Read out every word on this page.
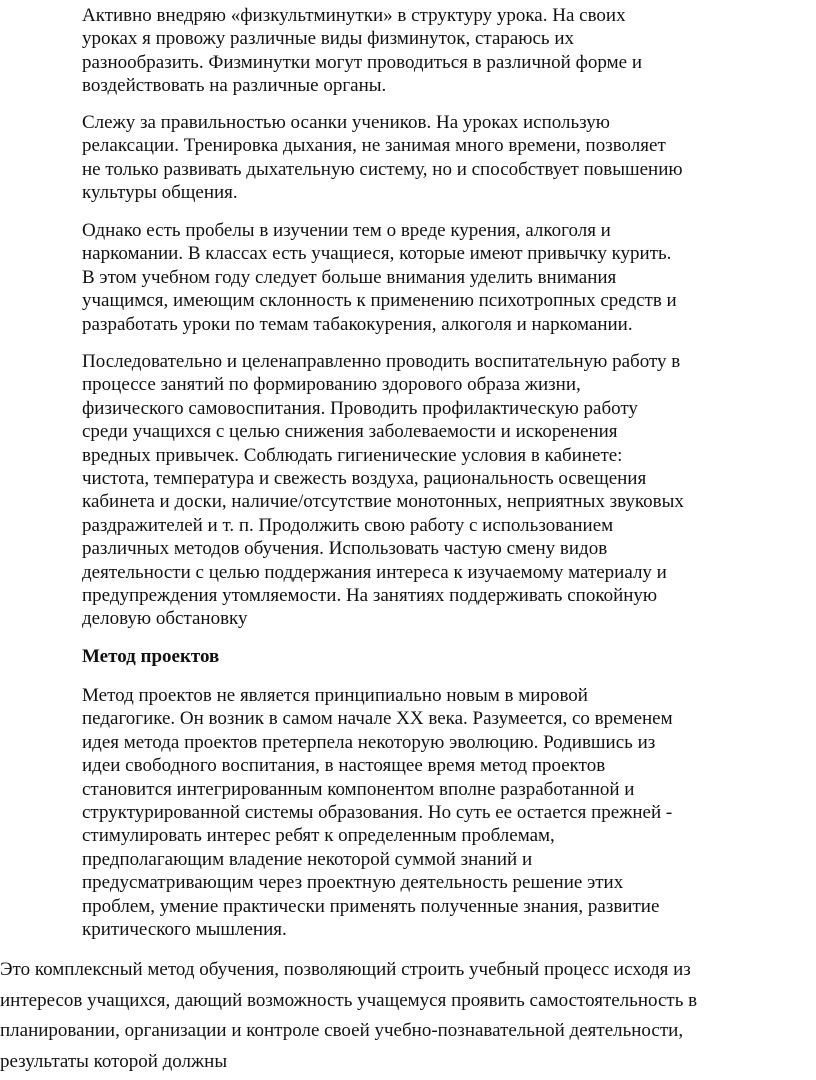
Активно внедряю «физкультминутки» в структуру урока. На своих
уроках я провожу различные виды физминуток, стараюсь их
разнообразить. Физминутки могут проводиться в различной форме и
воздействовать на различные органы.

Слежу за правильностью осанки учеников. На уроках использую
релаксации. Тренировка дыхания, не занимая много времени, позволяет
не только развивать дыхательную систему, но и способствует повышению
культуры общения.

Однако есть пробелы в изучении тем о вреде курения, алкоголя и
наркомании. В классах есть учащиеся, которые имеют привычку курить.
В этом учебном году следует больше внимания уделить внимания
учащимся, имеющим склонность к применению психотропных средств и
разработать уроки по темам табакокурения, алкоголя и наркомании.

Последовательно и целенаправленно проводить воспитательную работу в
процессе занятий по формированию здорового образа жизни,
физического самовоспитания. Проводить профилактическую работу
среди учащихся с целью снижения заболеваемости и искоренения
вредных привычек. Соблюдать гигиенические условия в кабинете:
чистота, температура и свежесть воздуха, рациональность освещения
кабинета и доски, наличие/отсутствие монотонных, неприятных звуковых
раздражителей и т. п. Продолжить свою работу с использованием
различных методов обучения. Использовать частую смену видов
деятельности с целью поддержания интереса к изучаемому материалу и
предупреждения утомляемости. На занятиях поддерживать спокойную
деловую обстановку

Метод проектов

Метод проектов не является принципиально новым в мировой
педагогике. Он возник в самом начале XX века. Разумеется, со временем
идея метода проектов претерпела некоторую эволюцию. Родившись из
идеи свободного воспитания, в настоящее время метод проектов
становится интегрированным компонентом вполне разработанной и
структурированной системы образования. Но суть ее остается прежней -
стимулировать интерес ребят к определенным проблемам,
предполагающим владение некоторой суммой знаний и
предусматривающим через проектную деятельность решение этих
проблем, умение практически применять полученные знания, развитие
критического мышления.

Это комплексный метод обучения, позволяющий строить учебный процесс исходя из
интересов учащихся, дающий возможность учащемуся проявить самостоятельность в
планировании, организации и контроле своей учебно-познавательной деятельности,
результаты которой должны
